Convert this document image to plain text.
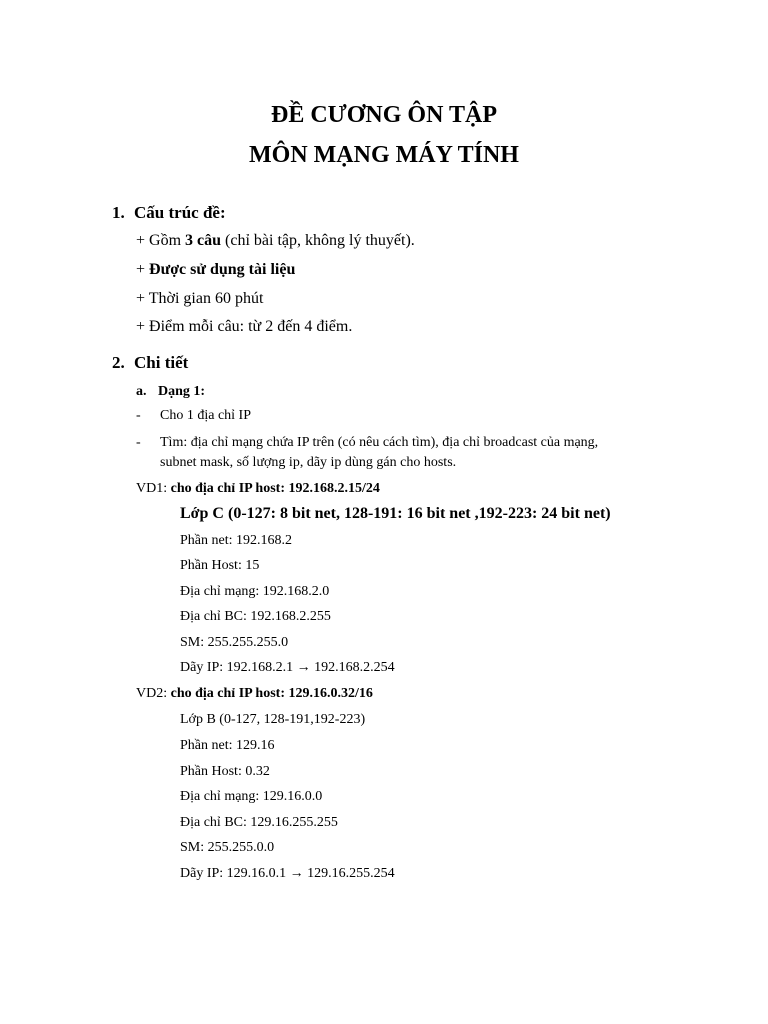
ĐỀ CƯƠNG ÔN TẬP
MÔN MẠNG MÁY TÍNH
1. Cấu trúc đề:
+ Gồm 3 câu (chỉ bài tập, không lý thuyết).
+ Được sử dụng tài liệu
+ Thời gian 60 phút
+ Điểm mỗi câu: từ 2 đến 4 điểm.
2. Chi tiết
a. Dạng 1:
- Cho 1 địa chỉ IP
- Tìm: địa chỉ mạng chứa IP trên (có nêu cách tìm), địa chỉ broadcast của mạng,
subnet mask, số lượng ip, dãy ip dùng gán cho hosts.
VD1: cho địa chỉ IP host: 192.168.2.15/24
Lớp C (0-127: 8 bit net, 128-191: 16 bit net ,192-223: 24 bit net)
Phần net: 192.168.2
Phần Host: 15
Địa chỉ mạng: 192.168.2.0
Địa chỉ BC: 192.168.2.255
SM: 255.255.255.0
Dãy IP: 192.168.2.1 → 192.168.2.254
VD2: cho địa chỉ IP host: 129.16.0.32/16
Lớp B (0-127, 128-191,192-223)
Phần net: 129.16
Phần Host: 0.32
Địa chỉ mạng: 129.16.0.0
Địa chỉ BC: 129.16.255.255
SM: 255.255.0.0
Dãy IP: 129.16.0.1 → 129.16.255.254
